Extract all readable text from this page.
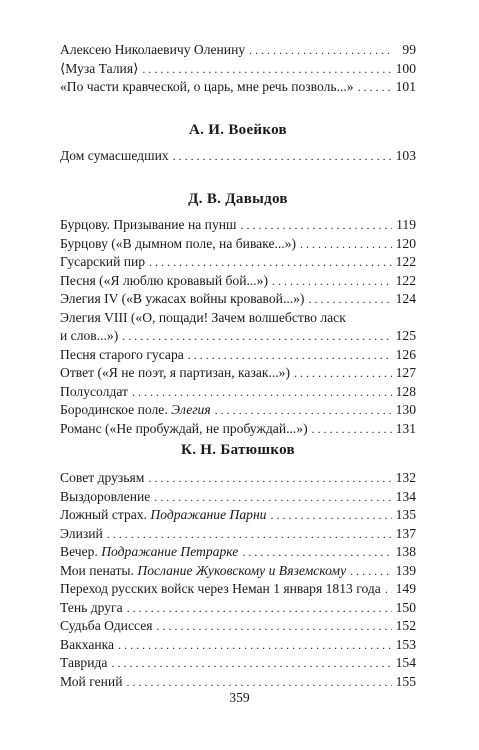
Алексею Николаевичу Оленину . . .	99
⟨Муза Талия⟩ . . .	100
«По части кравческой, о царь, мне речь позволь...» . . .	101
А. И. Воейков
Дом сумасшедших . . .	103
Д. В. Давыдов
Бурцову. Призывание на пунш . . .	119
Бурцову («В дымном поле, на биваке...») . . .	120
Гусарский пир . . .	122
Песня («Я люблю кровавый бой...») . . .	122
Элегия IV («В ужасах войны кровавой...») . . .	124
Элегия VIII («О, пощади! Зачем волшебство ласк
и слов...») . . .	125
Песня старого гусара . . .	126
Ответ («Я не поэт, я партизан, казак...») . . .	127
Полусолдат . . .	128
Бородинское поле. Элегия . . .	130
Романс («Не пробуждай, не пробуждай...») . . .	131
К. Н. Батюшков
Совет друзьям . . .	132
Выздоровление . . .	134
Ложный страх. Подражание Парни . . .	135
Элизий . . .	137
Вечер. Подражание Петрарке . . .	138
Мои пенаты. Послание Жуковскому и Вяземскому . . .	139
Переход русских войск через Неман 1 января 1813 года . . . 149
Тень друга . . .	150
Судьба Одиссея . . .	152
Вакханка . . .	153
Таврида . . .	154
Мой гений . . .	155
359
